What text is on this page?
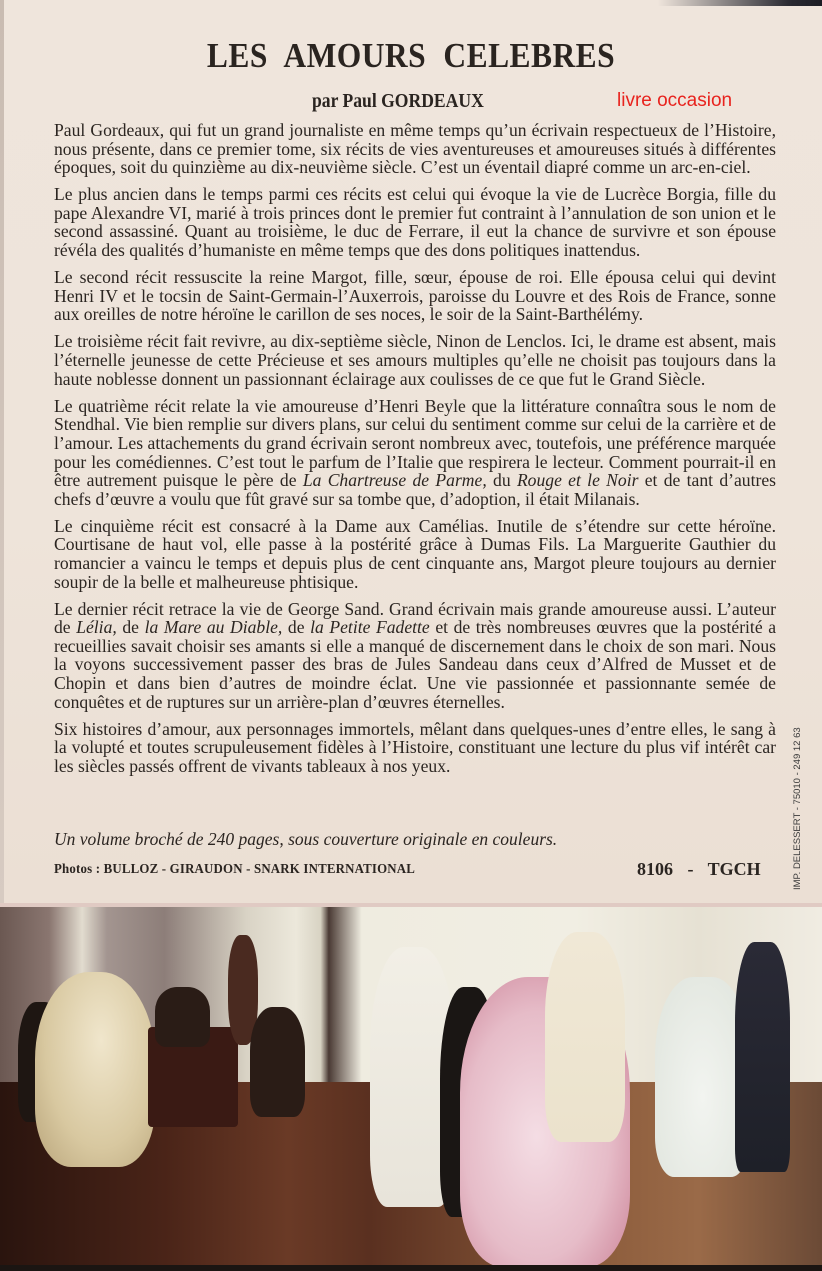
LES AMOURS CELEBRES
par Paul GORDEAUX	livre occasion

Paul Gordeaux, qui fut un grand journaliste en même temps qu’un écrivain respectueux de l’Histoire, nous présente, dans ce premier tome, six récits de vies aventureuses et amoureuses situés à différentes époques, soit du quinzième au dix-neuvième siècle. C’est un éventail diapré comme un arc-en-ciel.

Le plus ancien dans le temps parmi ces récits est celui qui évoque la vie de Lucrèce Borgia, fille du pape Alexandre VI, marié à trois princes dont le premier fut contraint à l’annulation de son union et le second assassiné. Quant au troisième, le duc de Ferrare, il eut la chance de survivre et son épouse révéla des qualités d’humaniste en même temps que des dons politiques inattendus.

Le second récit ressuscite la reine Margot, fille, sœur, épouse de roi. Elle épousa celui qui devint Henri IV et le tocsin de Saint-Germain-l’Auxerrois, paroisse du Louvre et des Rois de France, sonne aux oreilles de notre héroïne le carillon de ses noces, le soir de la Saint-Barthélémy.

Le troisième récit fait revivre, au dix-septième siècle, Ninon de Lenclos. Ici, le drame est absent, mais l’éternelle jeunesse de cette Précieuse et ses amours multiples qu’elle ne choisit pas toujours dans la haute noblesse donnent un passionnant éclairage aux coulisses de ce que fut le Grand Siècle.

Le quatrième récit relate la vie amoureuse d’Henri Beyle que la littérature connaîtra sous le nom de Stendhal. Vie bien remplie sur divers plans, sur celui du sentiment comme sur celui de la carrière et de l’amour. Les attachements du grand écrivain seront nombreux avec, toutefois, une préférence marquée pour les comédiennes. C’est tout le parfum de l’Italie que respirera le lecteur. Comment pourrait-il en être autrement puisque le père de La Chartreuse de Parme, du Rouge et le Noir et de tant d’autres chefs d’œuvre a voulu que fût gravé sur sa tombe que, d’adoption, il était Milanais.

Le cinquième récit est consacré à la Dame aux Camélias. Inutile de s’étendre sur cette héroïne. Courtisane de haut vol, elle passe à la postérité grâce à Dumas Fils. La Marguerite Gauthier du romancier a vaincu le temps et depuis plus de cent cinquante ans, Margot pleure toujours au dernier soupir de la belle et malheureuse phtisique.

Le dernier récit retrace la vie de George Sand. Grand écrivain mais grande amoureuse aussi. L’auteur de Lélia, de la Mare au Diable, de la Petite Fadette et de très nombreuses œuvres que la postérité a recueillies savait choisir ses amants si elle a manqué de discernement dans le choix de son mari. Nous la voyons successivement passer des bras de Jules Sandeau dans ceux d’Alfred de Musset et de Chopin et dans bien d’autres de moindre éclat. Une vie passionnée et passionnante semée de conquêtes et de ruptures sur un arrière-plan d’œuvres éternelles.

Six histoires d’amour, aux personnages immortels, mêlant dans quelques-unes d’entre elles, le sang à la volupté et toutes scrupuleusement fidèles à l’Histoire, constituant une lecture du plus vif intérêt car les siècles passés offrent de vivants tableaux à nos yeux.

Un volume broché de 240 pages, sous couverture originale en couleurs.
Photos : BULLOZ - GIRAUDON - SNARK INTERNATIONAL	8106 - TGCH	IMP. DELESSERT - 75010 - 249 12 63
